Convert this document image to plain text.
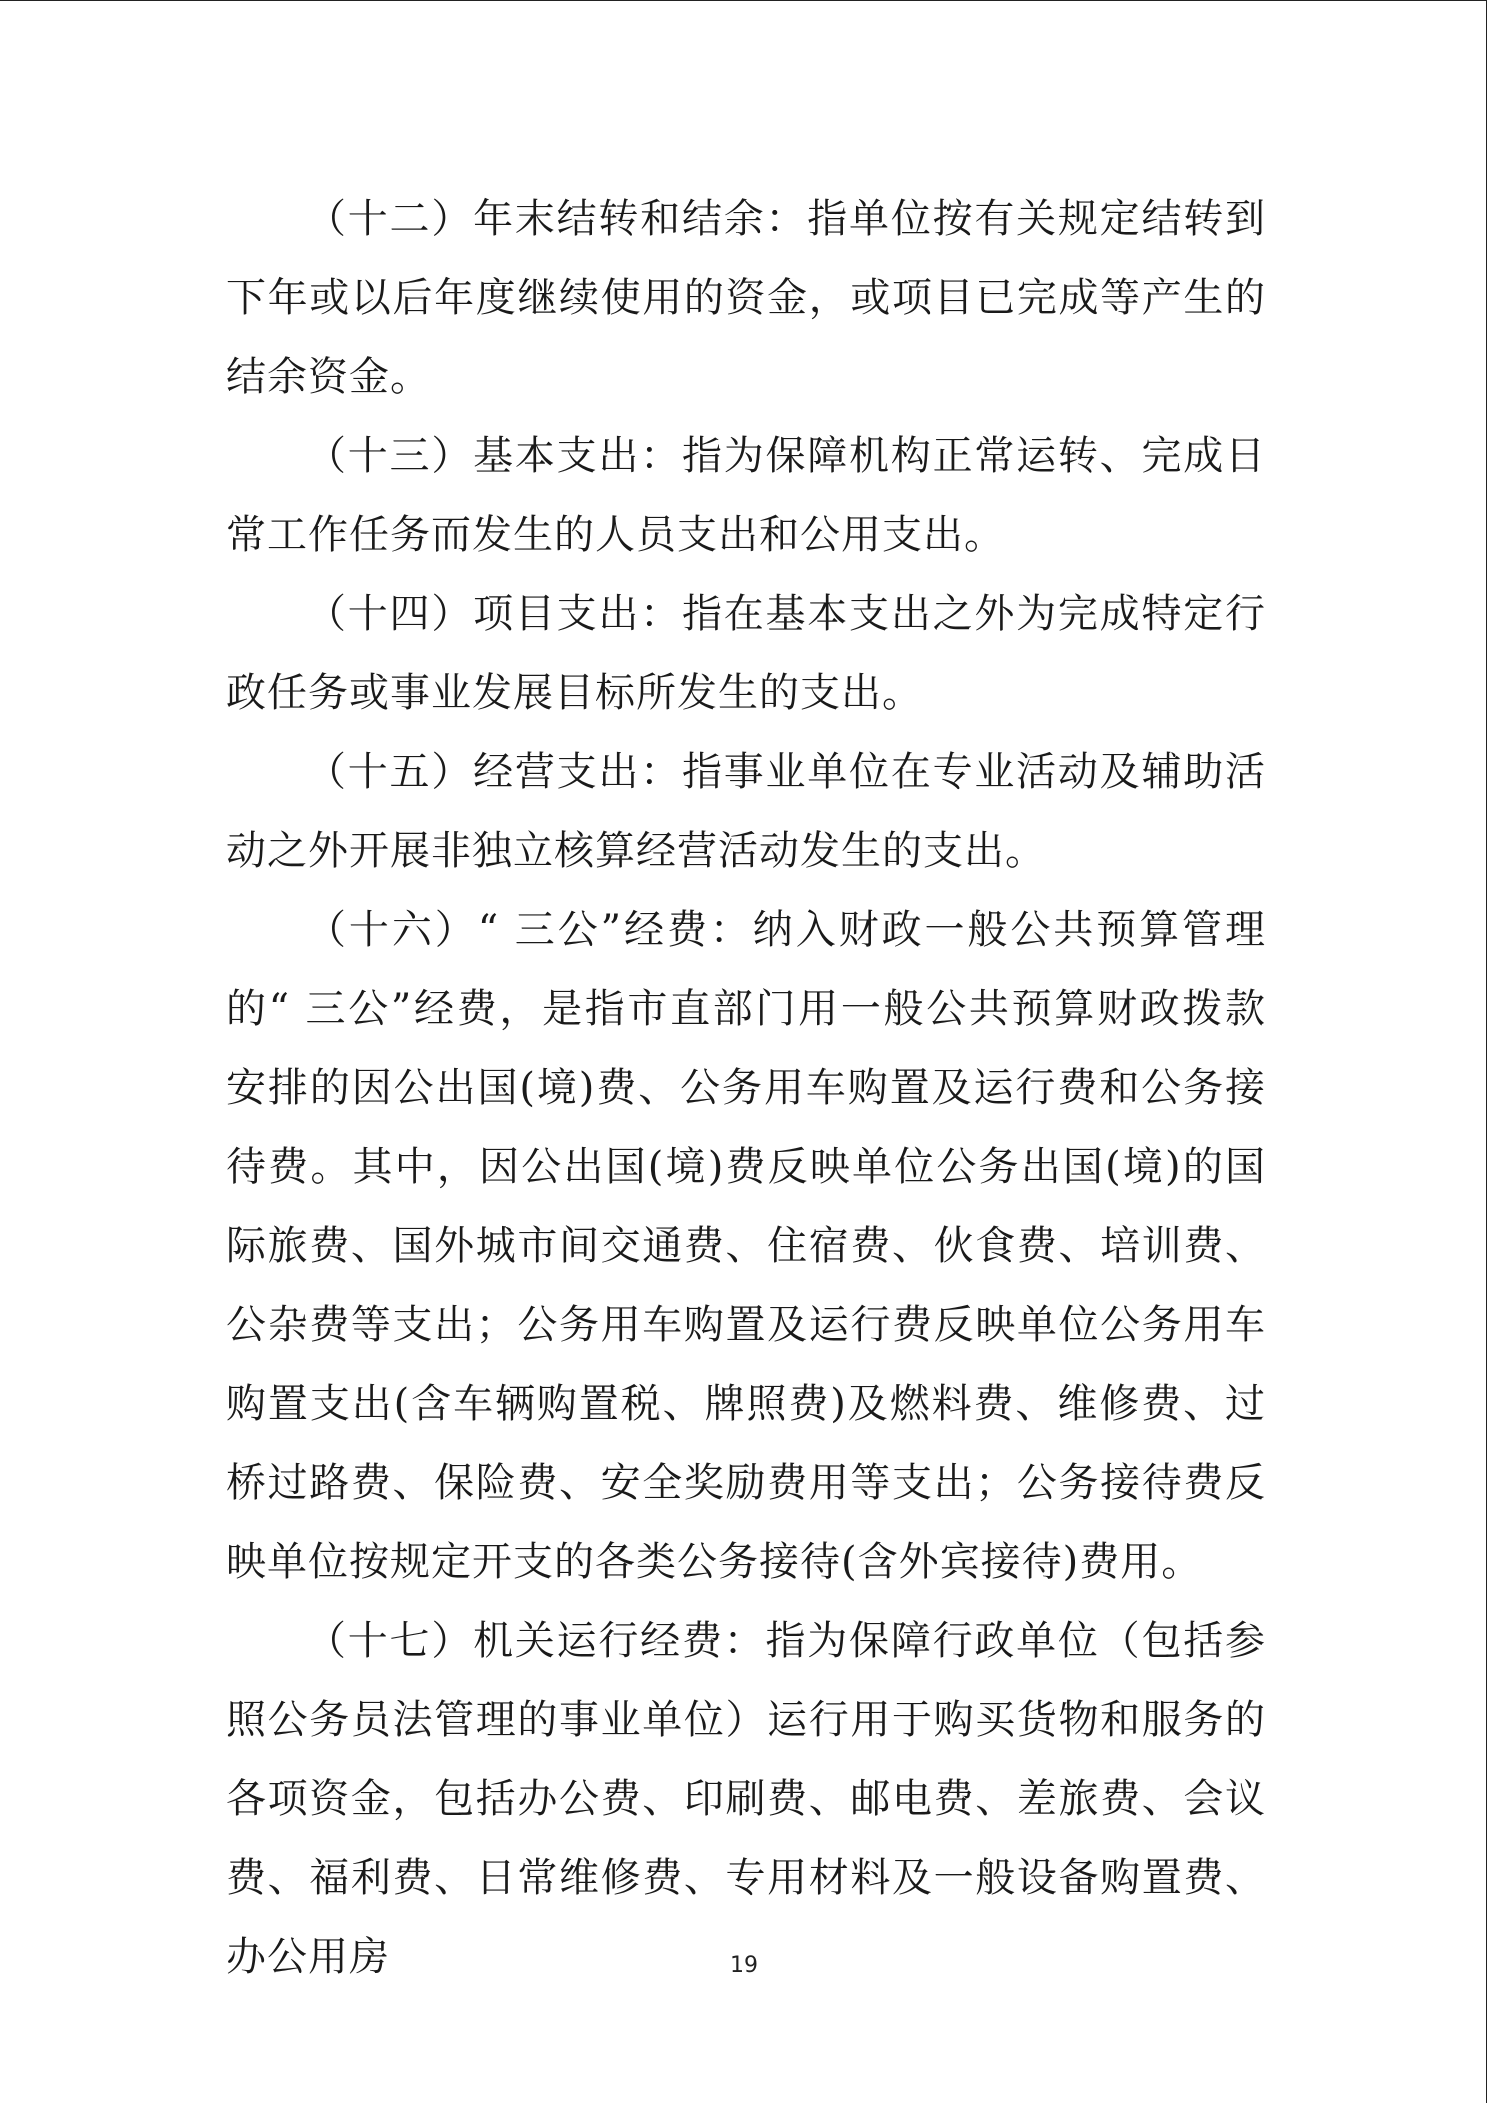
（十二）年末结转和结余：指单位按有关规定结转到下年或以后年度继续使用的资金，或项目已完成等产生的结余资金。

（十三）基本支出：指为保障机构正常运转、完成日常工作任务而发生的人员支出和公用支出。

（十四）项目支出：指在基本支出之外为完成特定行政任务或事业发展目标所发生的支出。

（十五）经营支出：指事业单位在专业活动及辅助活动之外开展非独立核算经营活动发生的支出。

（十六）“ 三公”经费：纳入财政一般公共预算管理的“ 三公”经费，是指市直部门用一般公共预算财政拨款安排的因公出国(境)费、公务用车购置及运行费和公务接待费。其中，因公出国(境)费反映单位公务出国(境)的国际旅费、国外城市间交通费、住宿费、伙食费、培训费、公杂费等支出；公务用车购置及运行费反映单位公务用车购置支出(含车辆购置税、牌照费)及燃料费、维修费、过桥过路费、保险费、安全奖励费用等支出；公务接待费反映单位按规定开支的各类公务接待(含外宾接待)费用。

（十七）机关运行经费：指为保障行政单位（包括参照公务员法管理的事业单位）运行用于购买货物和服务的各项资金，包括办公费、印刷费、邮电费、差旅费、会议费、福利费、日常维修费、专用材料及一般设备购置费、办公用房	19
